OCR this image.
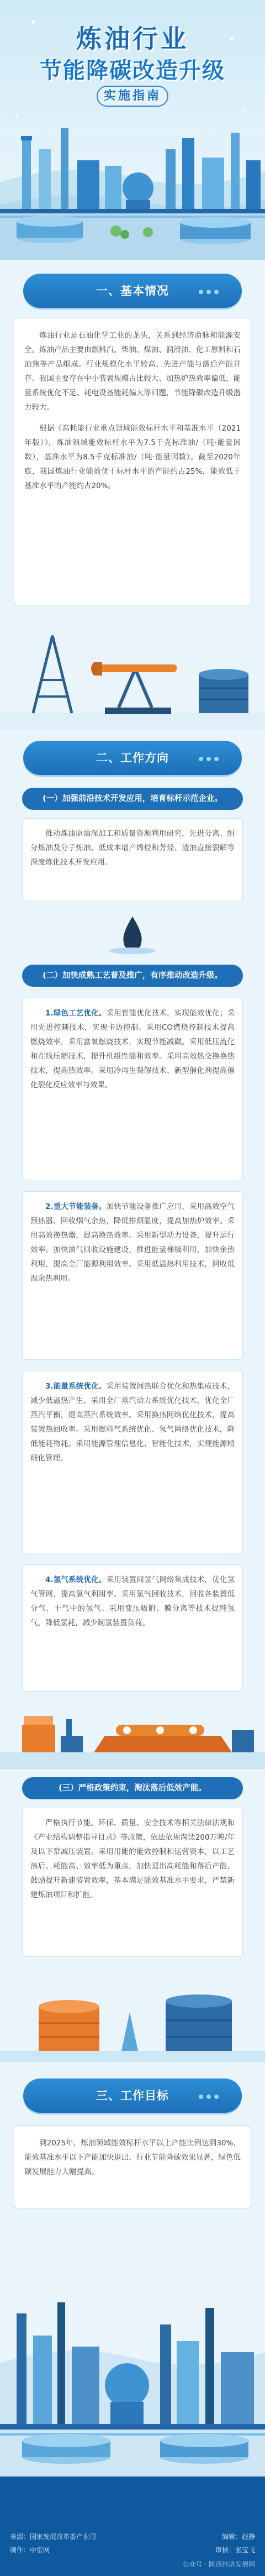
炼油行业
节能降碳改造升级
实施指南
一、基本情况

炼油行业是石油化学工业的龙头，关系到经济命脉和能源安全。炼油产品主要由燃料汽、柴油、煤油、润滑油、化工原料和石油焦等产品组成。行业规模化水平较高，先进产能与落后产能并存。我国主要存在中小装置规模占比较大、加热炉热效率偏低、能量系统优化不足、耗电设备能耗偏大等问题，节能降碳改造升级潜力较大。

根据《高耗能行业重点领域能效标杆水平和基准水平（2021年版）》，炼油领域能效标杆水平为7.5千克标准油/（吨·能量因数），基准水平为8.5千克标准油/（吨·能量因数）。截至2020年底，我国炼油行业能效优于标杆水平的产能约占25%，能效低于基准水平的产能约占20%。

二、工作方向
(一）加强前沿技术开发应用，培育标杆示范企业。

推动炼油原油深加工和质量资源利用研究，先进分离、组分炼油及分子炼油、低成本增产烯烃和芳烃、渣油直接裂解等深度炼化技术开发应用。

(二）加快成熟工艺普及推广，有序推动改造升级。

1.绿色工艺优化。采用智能优化技术，实现能效优化；采用先进控制技术，实现卡边控制。采用CO燃烧控制技术提高燃烧效率，采用富氧燃烧技术，实现节能减碳。采用低压流化和在线压缩技术，提升机组性能和效率。采用高效热交换换热技术，提高热效率。采用冷再生裂解技术、新型催化剂提高催化裂化反应效率与效果。

2.重大节能装备。加快节能设备推广应用，采用高效空气预热器、回收烟气余热，降低排烟温度，提高加热炉效率。采用高效换热器，提高换热效率。采用新型动力设备，提升运行效率。加快油气回收设施建设，推进能量梯级利用，加快余热利用，提高全厂能源利用效率。采用低温热利用技术，回收低温余热利用。

3.能量系统优化。采用装置间热联合优化和热集成技术，减少低温热产生。采用全厂蒸汽动力系统优化技术，优化全厂蒸汽平衡，提高蒸汽系统效率。采用换热网络优化技术，提高装置热回收率。采用燃料气系统优化、氢气网络优化技术，降低能耗物耗。采用能源管理信息化、智能化技术，实现能源精细化管理。

4.氢气系统优化。采用装置间氢气网络集成技术，优化氢气管网，提高氢气利用率。采用氢气回收技术，回收各装置低分气、干气中的氢气。采用变压吸附、膜分离等技术提纯氢气，降低氢耗，减少制氢装置负荷。

(三）严格政策约束，淘汰落后低效产能。

严格执行节能、环保、质量、安全技术等相关法律法规和《产业结构调整指导目录》等政策，依法依规淘汰200万吨/年及以下常减压装置。采用用能的能效控制和运营资本，以工艺落后、耗能高、效率低为重点，加快退出高耗能和落后产能，鼓励提升新建装置效率，基本满足能效基准水平要求，严禁新建炼油项目和扩能。

三、工作目标

到2025年，炼油领域能效标杆水平以上产能比例达到30%，能效基准水平以下产能加快退出，行业节能降碳效果显著，绿色低碳发展能力大幅提高。

来源：国家发展改革委产业司
制作：中宏网
编辑：赵静
审核：张宝飞
公众号 · 陕西经济发展网
